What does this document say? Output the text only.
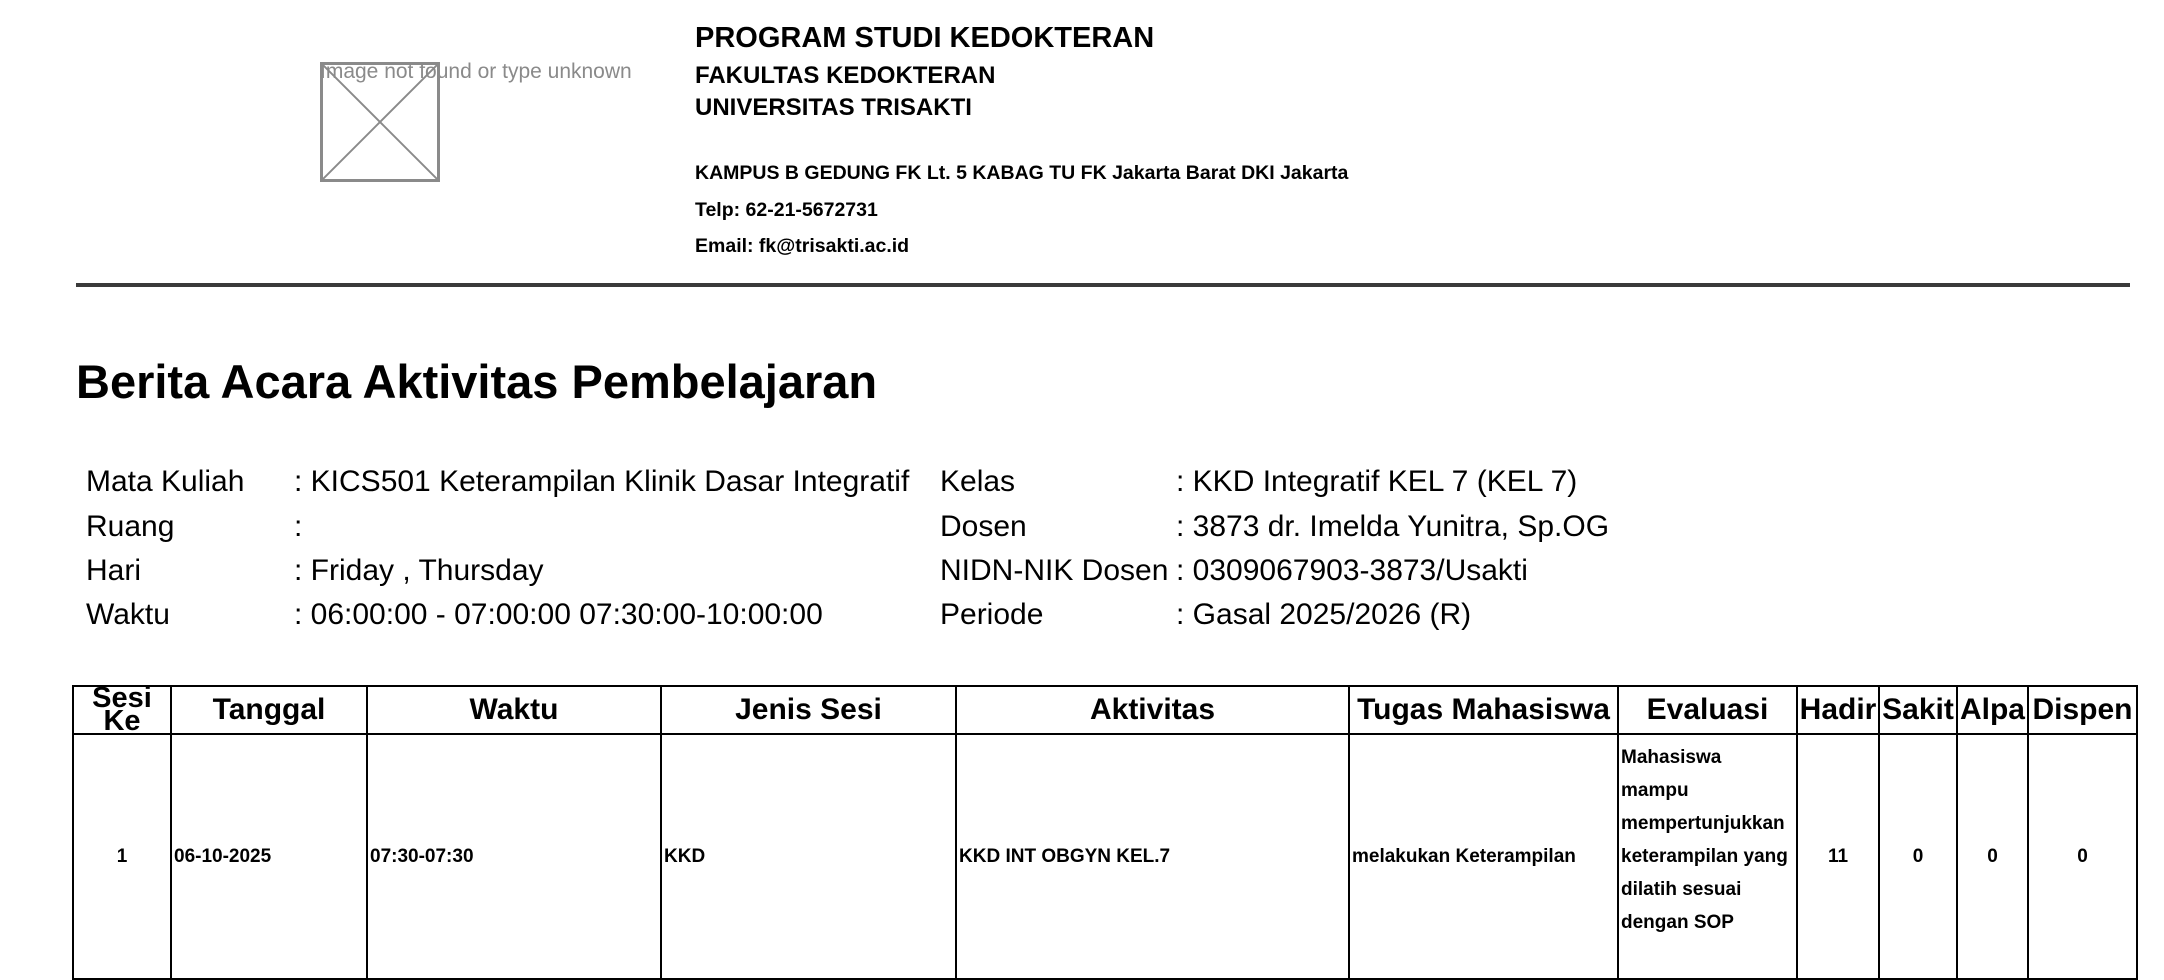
Image not found or type unknown
PROGRAM STUDI KEDOKTERAN
FAKULTAS KEDOKTERAN
UNIVERSITAS TRISAKTI
KAMPUS B GEDUNG FK Lt. 5 KABAG TU FK Jakarta Barat DKI Jakarta
Telp: 62-21-5672731
Email: fk@trisakti.ac.id
Berita Acara Aktivitas Pembelajaran
Mata Kuliah : KICS501 Keterampilan Klinik Dasar Integratif
Ruang	:
Hari	: Friday , Thursday
Waktu	: 06:00:00 - 07:00:00 07:30:00-10:00:00
Kelas	: KKD Integratif KEL 7 (KEL 7)
Dosen	: 3873 dr. Imelda Yunitra, Sp.OG
NIDN-NIK Dosen : 0309067903-3873/Usakti
Periode	: Gasal 2025/2026 (R)
Sesi Ke	Tanggal	Waktu	Jenis Sesi	Aktivitas	Tugas Mahasiswa	Evaluasi	Hadir	Sakit	Alpa	Dispen
1	06-10-2025	07:30-07:30	KKD	KKD INT OBGYN KEL.7	melakukan Keterampilan	Mahasiswa mampu mempertunjukkan keterampilan yang dilatih sesuai dengan SOP	11	0	0	0
